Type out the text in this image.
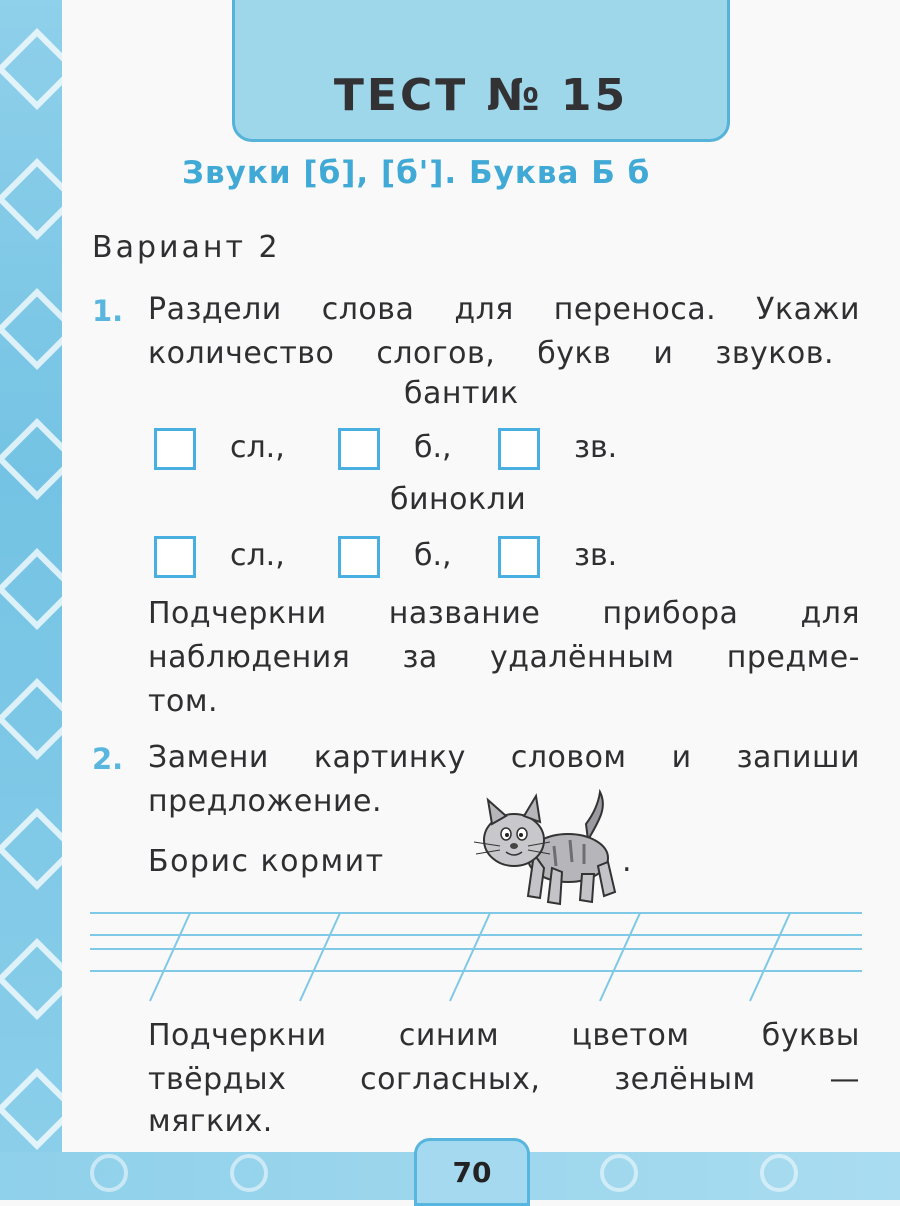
ТЕСТ № 15
Звуки [б], [б']. Буква Б б
Вариант 2
1. Раздели слова для переноса. Укажи
количество слогов, букв и звуков.
бантик
сл.,	б.,	зв.
бинокли
сл.,	б.,	зв.
Подчеркни название прибора для
наблюдения за удалённым предме-
том.
2. Замени картинку словом и запиши
предложение.
Борис кормит	.
Подчеркни синим цветом буквы
твёрдых согласных, зелёным —
мягких.
70
